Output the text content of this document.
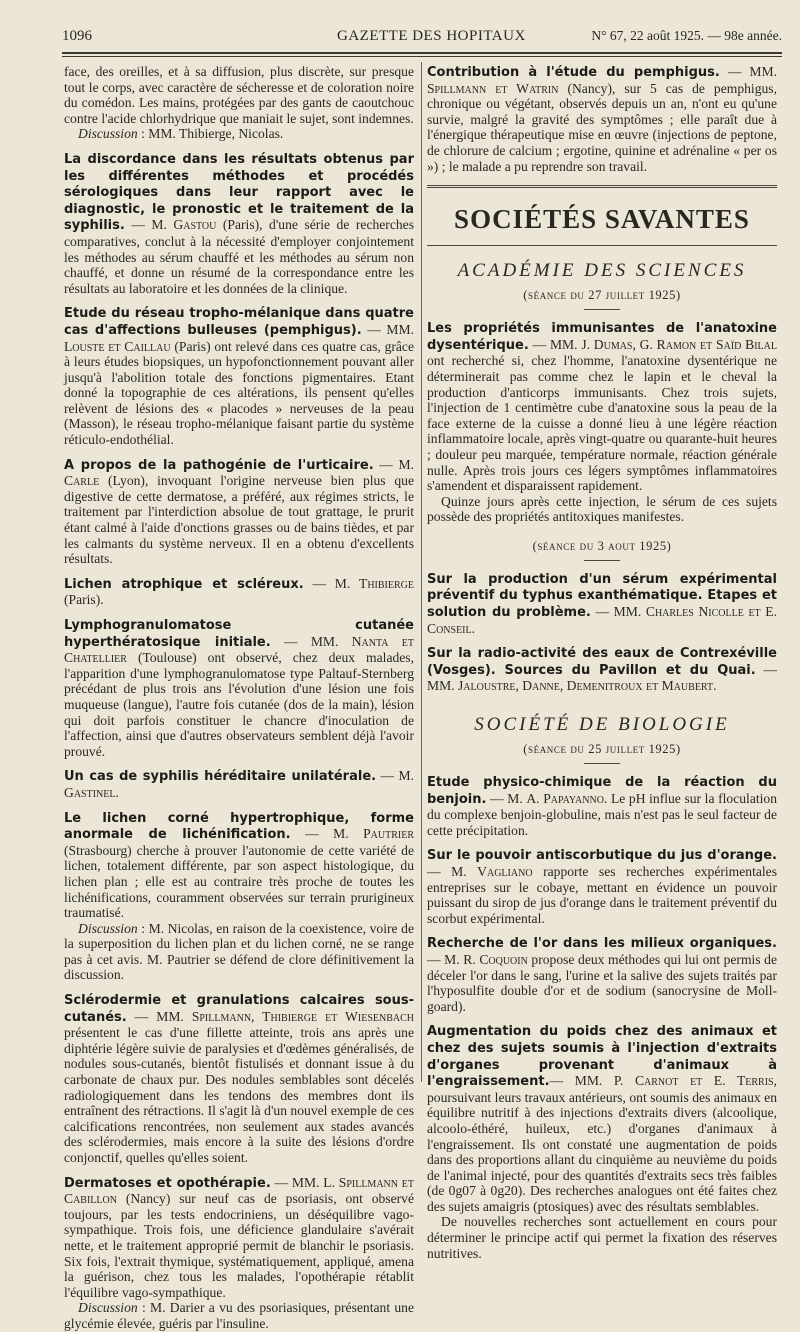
1096	GAZETTE DES HOPITAUX	N° 67, 22 août 1925. — 98e année.

face, des oreilles, et à sa diffusion, plus discrète, sur presque tout le corps, avec caractère de sécheresse et de coloration noire du comédon. Les mains, protégées par des gants de caoutchouc contre l'acide chlorhydrique que maniait le sujet, sont indemnes.

Discussion : MM. Thibierge, Nicolas.

La discordance dans les résultats obtenus par les différentes méthodes et procédés sérologiques dans leur rapport avec le diagnostic, le pronostic et le traitement de la syphilis. — M. Gastou (Paris), d'une série de recherches comparatives, conclut à la nécessité d'employer conjointement les méthodes au sérum chauffé et les méthodes au sérum non chauffé, et donne un résumé de la correspondance entre les résultats au laboratoire et les données de la clinique.

Etude du réseau tropho-mélanique dans quatre cas d'affections bulleuses (pemphigus). — MM. Louste et Caillau (Paris) ont relevé dans ces quatre cas, grâce à leurs études biopsiques, un hypofonctionnement pouvant aller jusqu'à l'abolition totale des fonctions pigmentaires. Etant donné la topographie de ces altérations, ils pensent qu'elles relèvent de lésions des « placodes » nerveuses de la peau (Masson), le réseau tropho-mélanique faisant partie du système réticulo-endothélial.

A propos de la pathogénie de l'urticaire. — M. Carle (Lyon), invoquant l'origine nerveuse bien plus que digestive de cette dermatose, a préféré, aux régimes stricts, le traitement par l'interdiction absolue de tout grattage, le prurit étant calmé à l'aide d'onctions grasses ou de bains tièdes, et par les calmants du système nerveux. Il en a obtenu d'excellents résultats.

Lichen atrophique et scléreux. — M. Thibierge (Paris).

Lymphogranulomatose cutanée hyperthératosique initiale. — MM. Nanta et Chatellier (Toulouse) ont observé, chez deux malades, l'apparition d'une lymphogranulomatose type Paltauf-Sternberg précédant de plus trois ans l'évolution d'une lésion une fois muqueuse (langue), l'autre fois cutanée (dos de la main), lésion qui doit parfois constituer le chancre d'inoculation de l'affection, ainsi que d'autres observateurs semblent déjà l'avoir prouvé.

Un cas de syphilis héréditaire unilatérale. — M. Gastinel.

Le lichen corné hypertrophique, forme anormale de lichénification. — M. Pautrier (Strasbourg) cherche à prouver l'autonomie de cette variété de lichen, totalement différente, par son aspect histologique, du lichen plan ; elle est au contraire très proche de toutes les lichénifications, couramment observées sur terrain prurigineux traumatisé.

Discussion : M. Nicolas, en raison de la coexistence, voire de la superposition du lichen plan et du lichen corné, ne se range pas à cet avis. M. Pautrier se défend de clore définitivement la discussion.

Sclérodermie et granulations calcaires sous-cutanés. — MM. Spillmann, Thibierge et Wiesenbach présentent le cas d'une fillette atteinte, trois ans après une diphtérie légère suivie de paralysies et d'œdèmes généralisés, de nodules sous-cutanés, bientôt fistulisés et donnant issue à du carbonate de chaux pur. Des nodules semblables sont décelés radiologiquement dans les tendons des membres dont ils entraînent des rétractions. Il s'agit là d'un nouvel exemple de ces calcifications rencontrées, non seulement aux stades avancés des sclérodermies, mais encore à la suite des lésions d'ordre conjonctif, quelles qu'elles soient.

Dermatoses et opothérapie. — MM. L. Spillmann et Cabillon (Nancy) sur neuf cas de psoriasis, ont observé toujours, par les tests endocriniens, un déséquilibre vago-sympathique. Trois fois, une déficience glandulaire s'avérait nette, et le traitement approprié permit de blanchir le psoriasis. Six fois, l'extrait thymique, systématiquement, appliqué, amena la guérison, chez tous les malades, l'opothérapie rétablit l'équilibre vago-sympathique.

Discussion : M. Darier a vu des psoriasiques, présentant une glycémie élevée, guéris par l'insuline.

Contribution à l'étude du pemphigus. — MM. Spillmann et Watrin (Nancy), sur 5 cas de pemphigus, chronique ou végétant, observés depuis un an, n'ont eu qu'une survie, malgré la gravité des symptômes ; elle paraît due à l'énergique thérapeutique mise en œuvre (injections de peptone, de chlorure de calcium ; ergotine, quinine et adrénaline « per os ») ; le malade a pu reprendre son travail.

SOCIÉTÉS SAVANTES
ACADÉMIE DES SCIENCES
(séance du 27 juillet 1925)

Les propriétés immunisantes de l'anatoxine dysentérique. — MM. J. Dumas, G. Ramon et Saïd Bilal ont recherché si, chez l'homme, l'anatoxine dysentérique ne déterminerait pas comme chez le lapin et le cheval la production d'anticorps immunisants. Chez trois sujets, l'injection de 1 centimètre cube d'anatoxine sous la peau de la face externe de la cuisse a donné lieu à une légère réaction inflammatoire locale, après vingt-quatre ou quarante-huit heures ; douleur peu marquée, température normale, réaction générale nulle. Après trois jours ces légers symptômes inflammatoires s'amendent et disparaissent rapidement.

Quinze jours après cette injection, le sérum de ces sujets possède des propriétés antitoxiques manifestes.

(séance du 3 aout 1925)

Sur la production d'un sérum expérimental préventif du typhus exanthématique. Etapes et solution du problème. — MM. Charles Nicolle et E. Conseil.

Sur la radio-activité des eaux de Contrexéville (Vosges). Sources du Pavillon et du Quai. — MM. Jaloustre, Danne, Demenitroux et Maubert.

SOCIÉTÉ DE BIOLOGIE
(séance du 25 juillet 1925)

Etude physico-chimique de la réaction du benjoin. — M. A. Papayanno. Le pH influe sur la floculation du complexe benjoin-globuline, mais n'est pas le seul facteur de cette précipitation.

Sur le pouvoir antiscorbutique du jus d'orange. — M. Vagliano rapporte ses recherches expérimentales entreprises sur le cobaye, mettant en évidence un pouvoir puissant du sirop de jus d'orange dans le traitement préventif du scorbut expérimental.

Recherche de l'or dans les milieux organiques. — M. R. Coquoin propose deux méthodes qui lui ont permis de déceler l'or dans le sang, l'urine et la salive des sujets traités par l'hyposulfite double d'or et de sodium (sanocrysine de Moll-goard).

Augmentation du poids chez des animaux et chez des sujets soumis à l'injection d'extraits d'organes provenant d'animaux à l'engraissement.— MM. P. Carnot et E. Terris, poursuivant leurs travaux antérieurs, ont soumis des animaux en équilibre nutritif à des injections d'extraits divers (alcoolique, alcoolo-éthéré, huileux, etc.) d'organes d'animaux à l'engraissement. Ils ont constaté une augmentation de poids dans des proportions allant du cinquième au neuvième du poids de l'animal injecté, pour des quantités d'extraits secs très faibles (de 0g07 à 0g20). Des recherches analogues ont été faites chez des sujets amaigris (ptosiques) avec des résultats semblables.

De nouvelles recherches sont actuellement en cours pour déterminer le principe actif qui permet la fixation des réserves nutritives.
